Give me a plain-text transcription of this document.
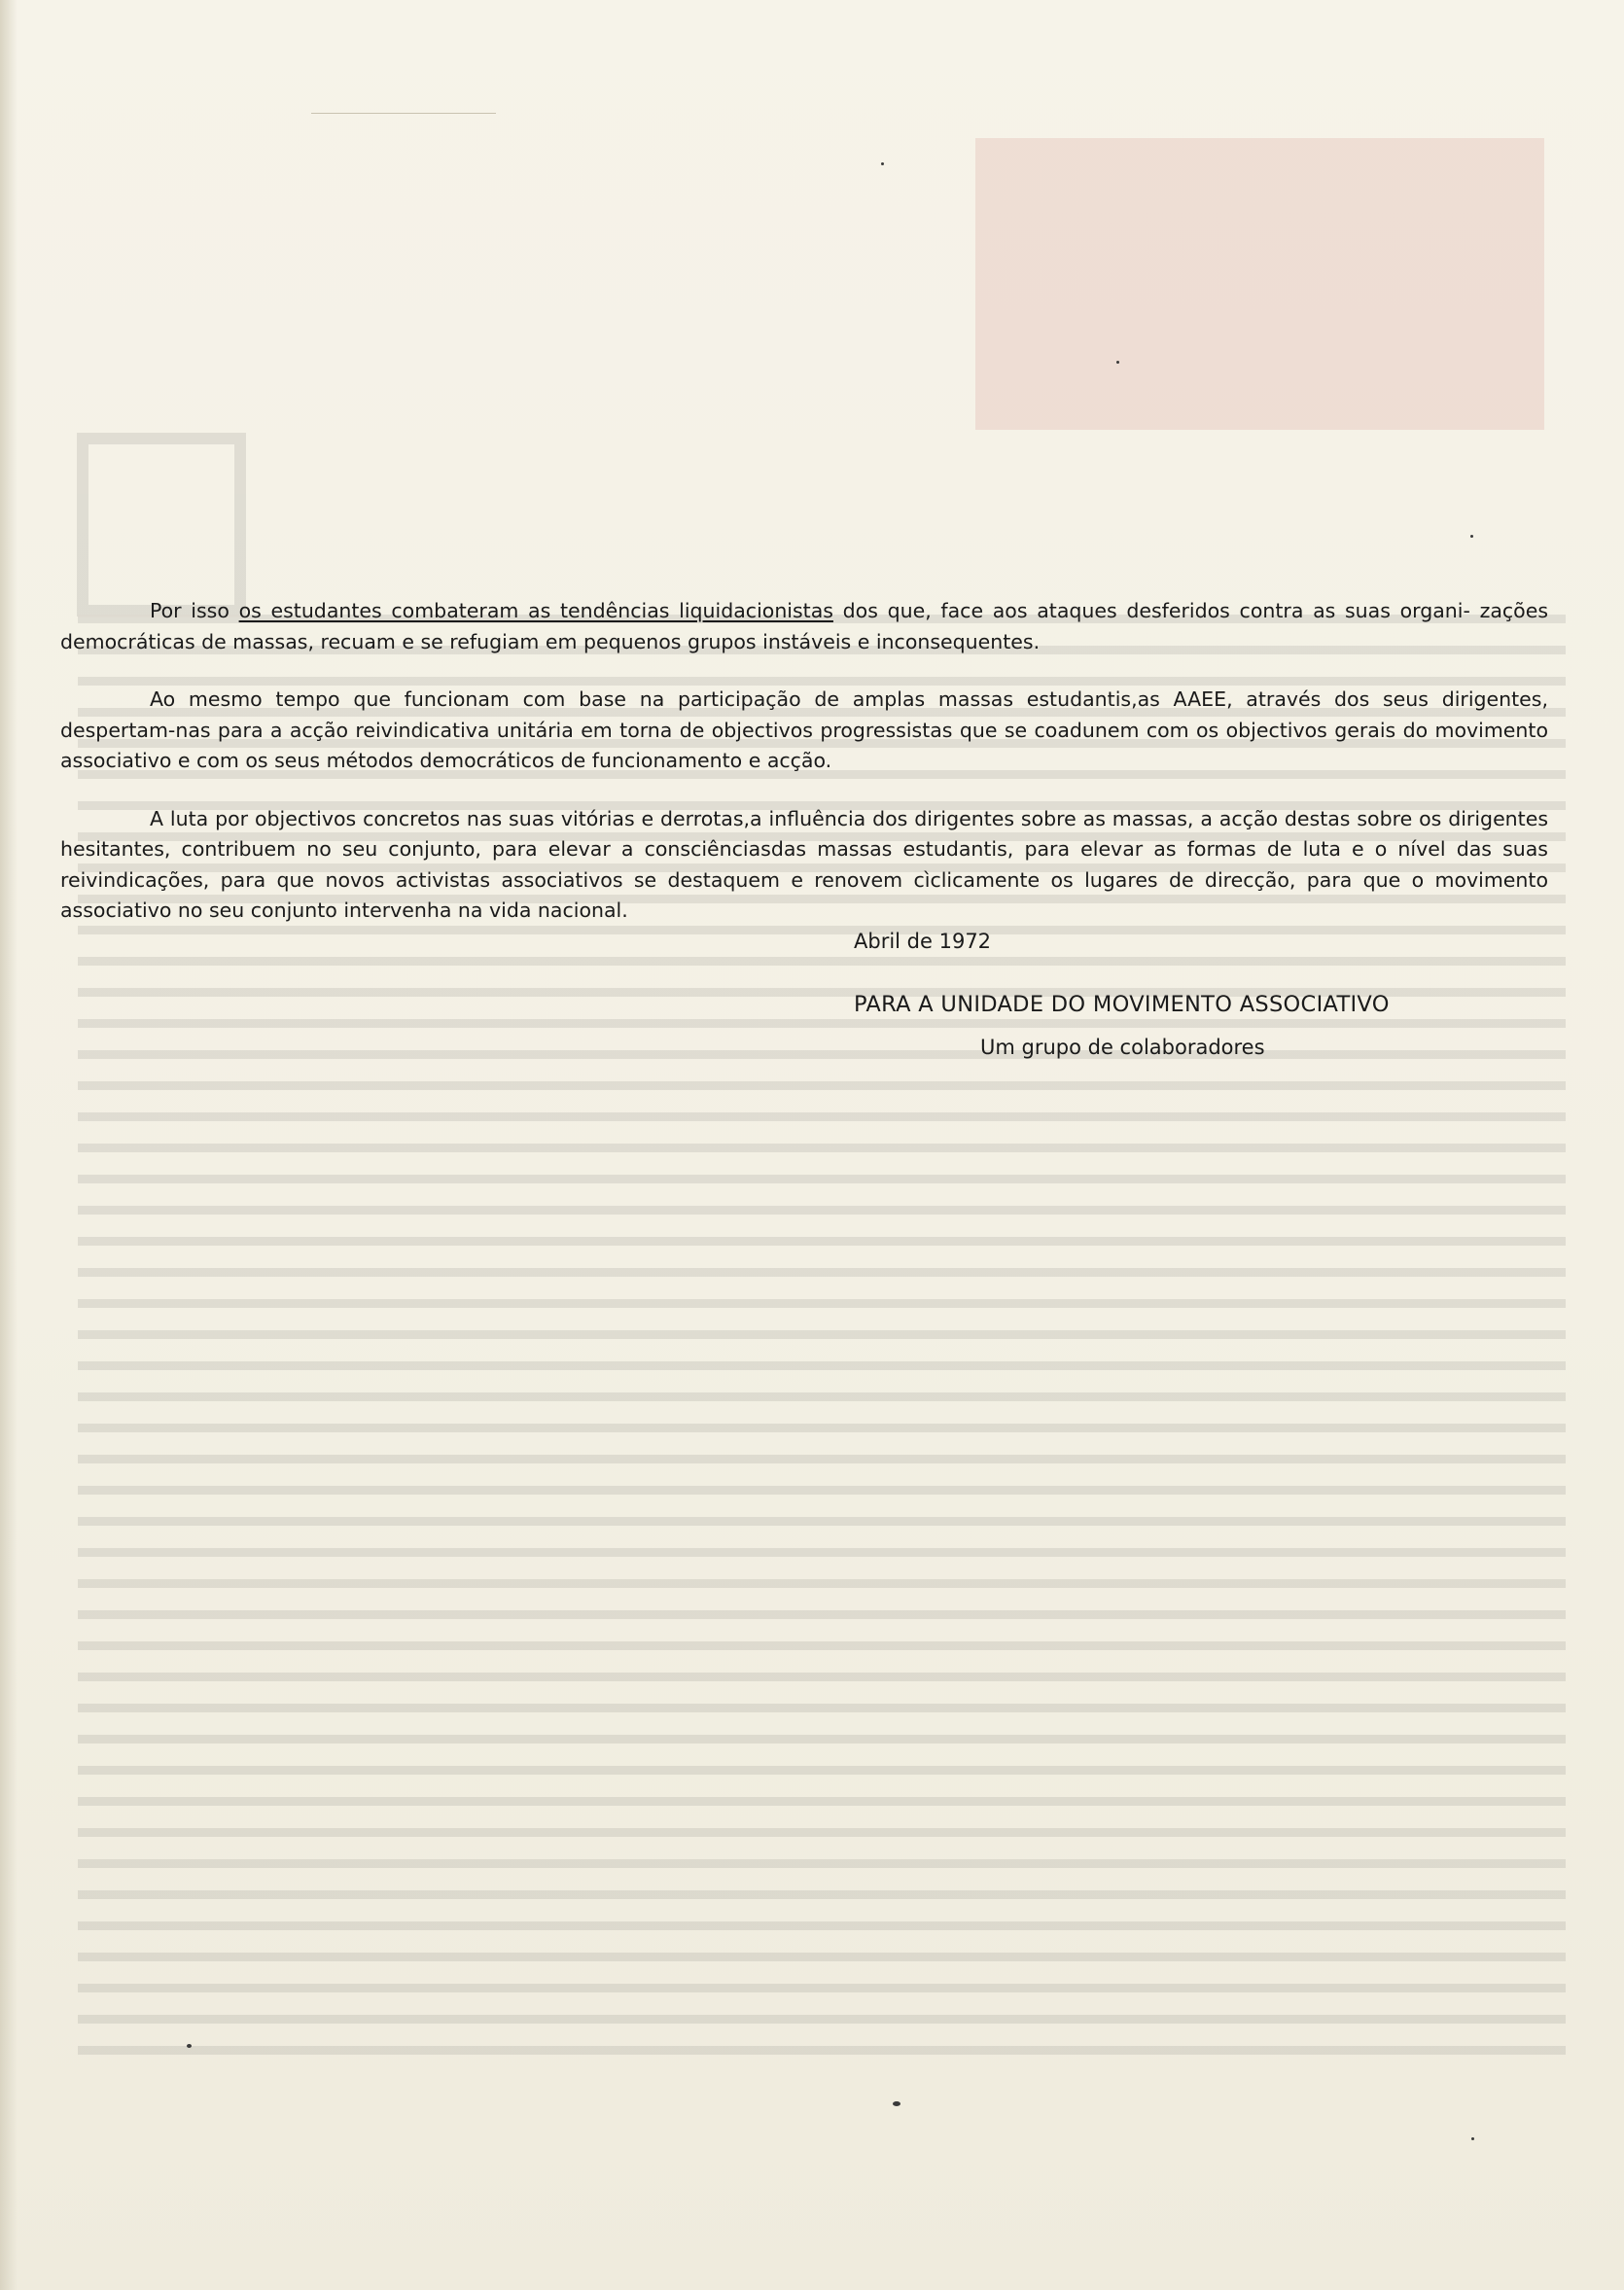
Por isso os estudantes combateram as tendências liquidacionistas dos que, face aos ataques desferidos contra as suas organi- zações democráticas de massas, recuam e se refugiam em pequenos grupos instáveis e inconsequentes.

Ao mesmo tempo que funcionam com base na participação de amplas massas estudantis,as AAEE, através dos seus dirigentes, despertam-nas para a acção reivindicativa unitária em torna de objectivos progressistas que se coadunem com os objectivos gerais do movimento associativo e com os seus métodos democráticos de funcionamento e acção.

A luta por objectivos concretos nas suas vitórias e derrotas,a influência dos dirigentes sobre as massas, a acção destas sobre os dirigentes hesitantes, contribuem no seu conjunto, para elevar a consciênciasdas massas estudantis, para elevar as formas de luta e o nível das suas reivindicações, para que novos activistas associativos se destaquem e renovem cìclicamente os lugares de direcção, para que o movimento associativo no seu conjunto intervenha na vida nacional.

Abril de 1972
PARA A UNIDADE DO MOVIMENTO ASSOCIATIVO
Um grupo de colaboradores
